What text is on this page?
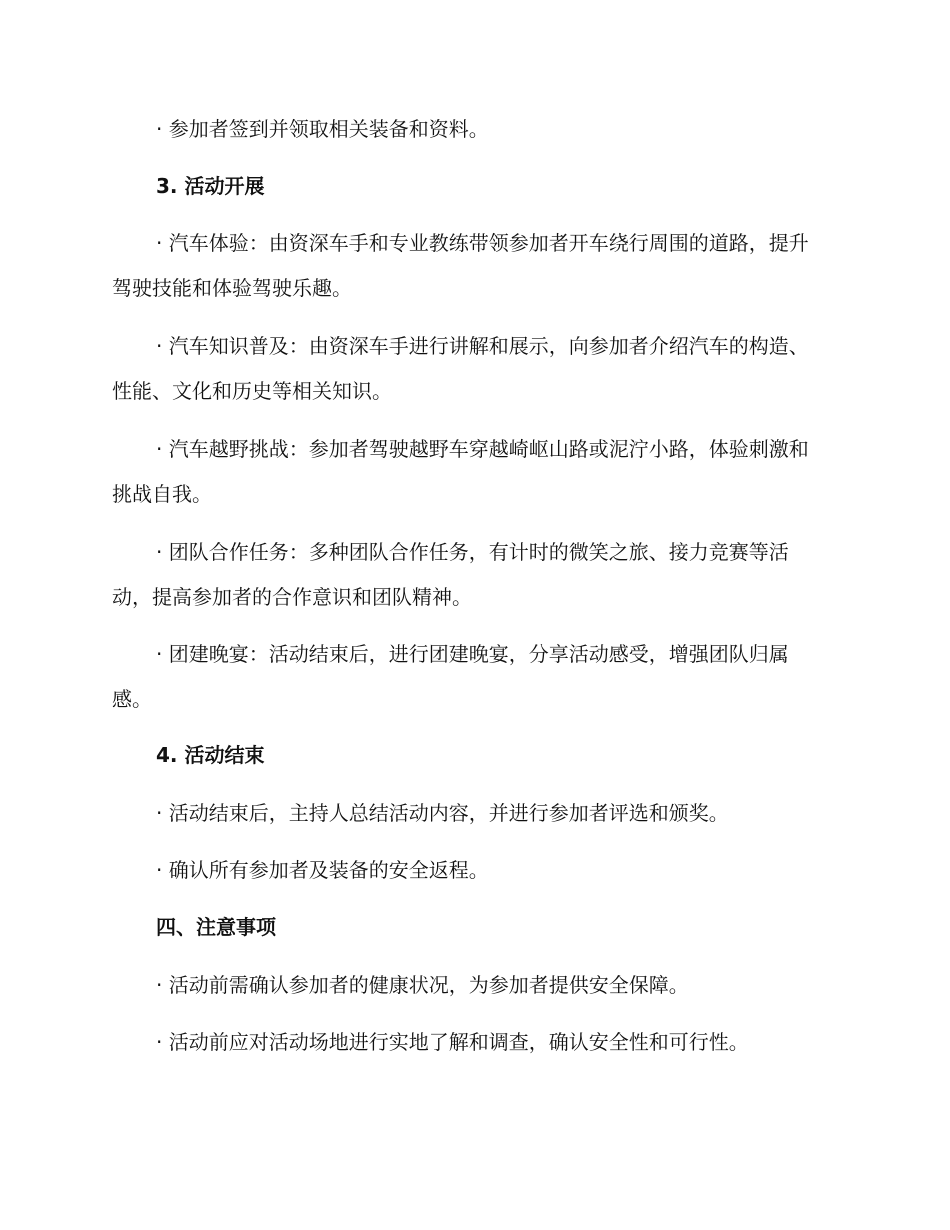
· 参加者签到并领取相关装备和资料。

3. 活动开展

· 汽车体验：由资深车手和专业教练带领参加者开车绕行周围的道路，提升驾驶技能和体验驾驶乐趣。

· 汽车知识普及：由资深车手进行讲解和展示，向参加者介绍汽车的构造、性能、文化和历史等相关知识。

· 汽车越野挑战：参加者驾驶越野车穿越崎岖山路或泥泞小路，体验刺激和挑战自我。

· 团队合作任务：多种团队合作任务，有计时的微笑之旅、接力竞赛等活动，提高参加者的合作意识和团队精神。

· 团建晚宴：活动结束后，进行团建晚宴，分享活动感受，增强团队归属感。

4. 活动结束

· 活动结束后，主持人总结活动内容，并进行参加者评选和颁奖。

· 确认所有参加者及装备的安全返程。

四、注意事项

· 活动前需确认参加者的健康状况，为参加者提供安全保障。

· 活动前应对活动场地进行实地了解和调查，确认安全性和可行性。
